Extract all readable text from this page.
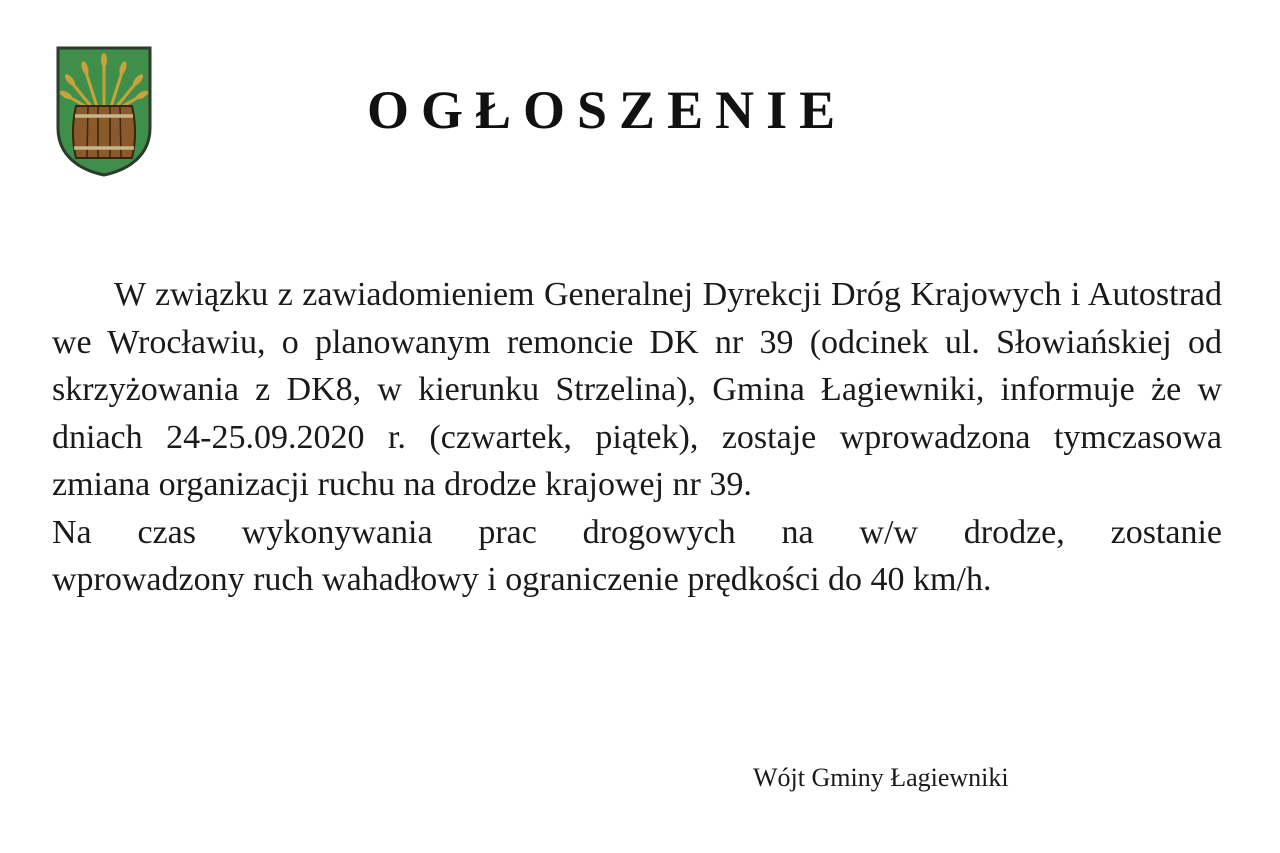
OGŁOSZENIE

W związku z zawiadomieniem Generalnej Dyrekcji Dróg Krajowych i Autostrad we Wrocławiu, o planowanym remoncie DK nr 39 (odcinek ul. Słowiańskiej od skrzyżowania z DK8, w kierunku Strzelina), Gmina Łagiewniki, informuje że w dniach 24-25.09.2020 r. (czwartek, piątek), zostaje wprowadzona tymczasowa zmiana organizacji ruchu na drodze krajowej nr 39.

Na czas wykonywania prac drogowych na w/w drodze, zostanie
wprowadzony ruch wahadłowy i ograniczenie prędkości do 40 km/h.

Wójt Gminy Łagiewniki
